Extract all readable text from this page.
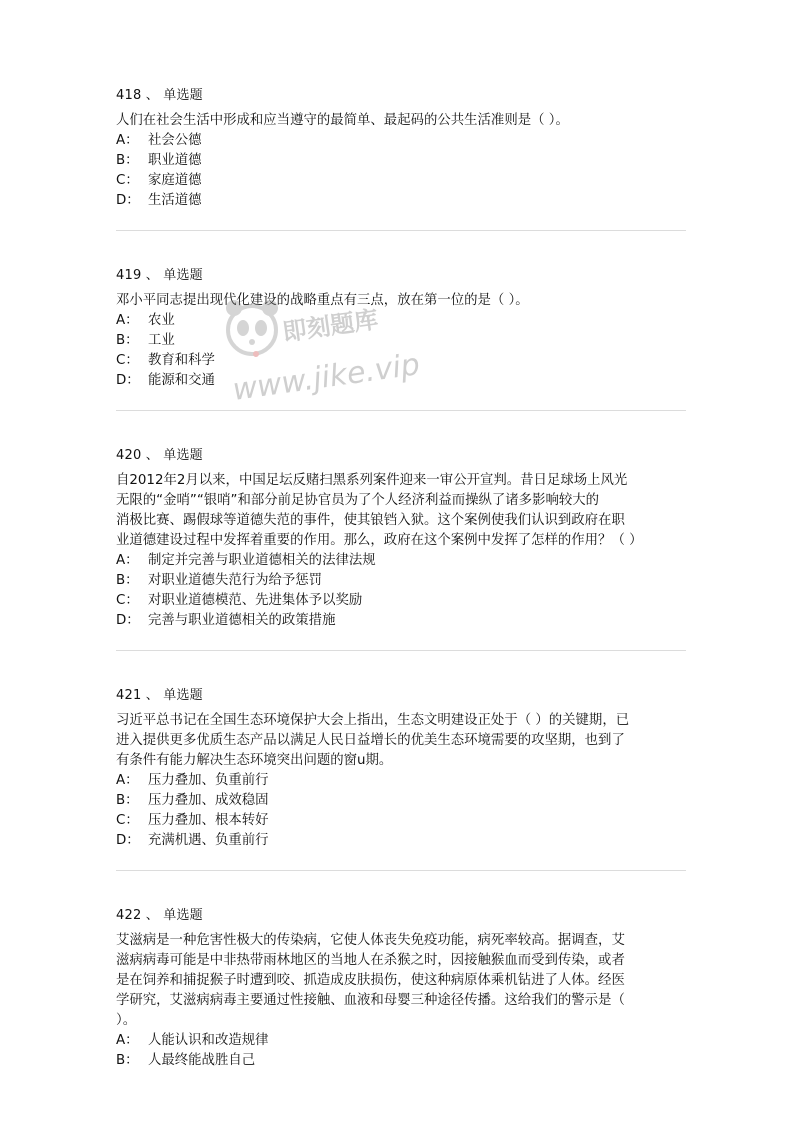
418 、 单选题
人们在社会生活中形成和应当遵守的最简单、最起码的公共生活准则是（ ）。
A： 社会公德
B： 职业道德
C： 家庭道德
D： 生活道德
419 、 单选题
邓小平同志提出现代化建设的战略重点有三点，放在第一位的是（ ）。
A： 农业
B： 工业
C： 教育和科学
D： 能源和交通
420 、 单选题
自2012年2月以来，中国足坛反赌扫黑系列案件迎来一审公开宣判。昔日足球场上风光
无限的“金哨”“银哨”和部分前足协官员为了个人经济利益而操纵了诸多影响较大的
消极比赛、踢假球等道德失范的事件，使其锒铛入狱。这个案例使我们认识到政府在职
业道德建设过程中发挥着重要的作用。那么，政府在这个案例中发挥了怎样的作用？（ ）
A： 制定并完善与职业道德相关的法律法规
B： 对职业道德失范行为给予惩罚
C： 对职业道德模范、先进集体予以奖励
D： 完善与职业道德相关的政策措施
421 、 单选题
习近平总书记在全国生态环境保护大会上指出，生态文明建设正处于（ ）的关键期，已
进入提供更多优质生态产品以满足人民日益增长的优美生态环境需要的攻坚期，也到了
有条件有能力解决生态环境突出问题的窗u期。
A： 压力叠加、负重前行
B： 压力叠加、成效稳固
C： 压力叠加、根本转好
D： 充满机遇、负重前行
422 、 单选题
艾滋病是一种危害性极大的传染病，它使人体丧失免疫功能，病死率较高。据调查，艾
滋病病毒可能是中非热带雨林地区的当地人在杀猴之时，因接触猴血而受到传染，或者
是在饲养和捕捉猴子时遭到咬、抓造成皮肤损伤，使这种病原体乘机钻进了人体。经医
学研究，艾滋病病毒主要通过性接触、血液和母婴三种途径传播。这给我们的警示是（
）。
A： 人能认识和改造规律
B： 人最终能战胜自己
即刻题库
www.jike.vip
